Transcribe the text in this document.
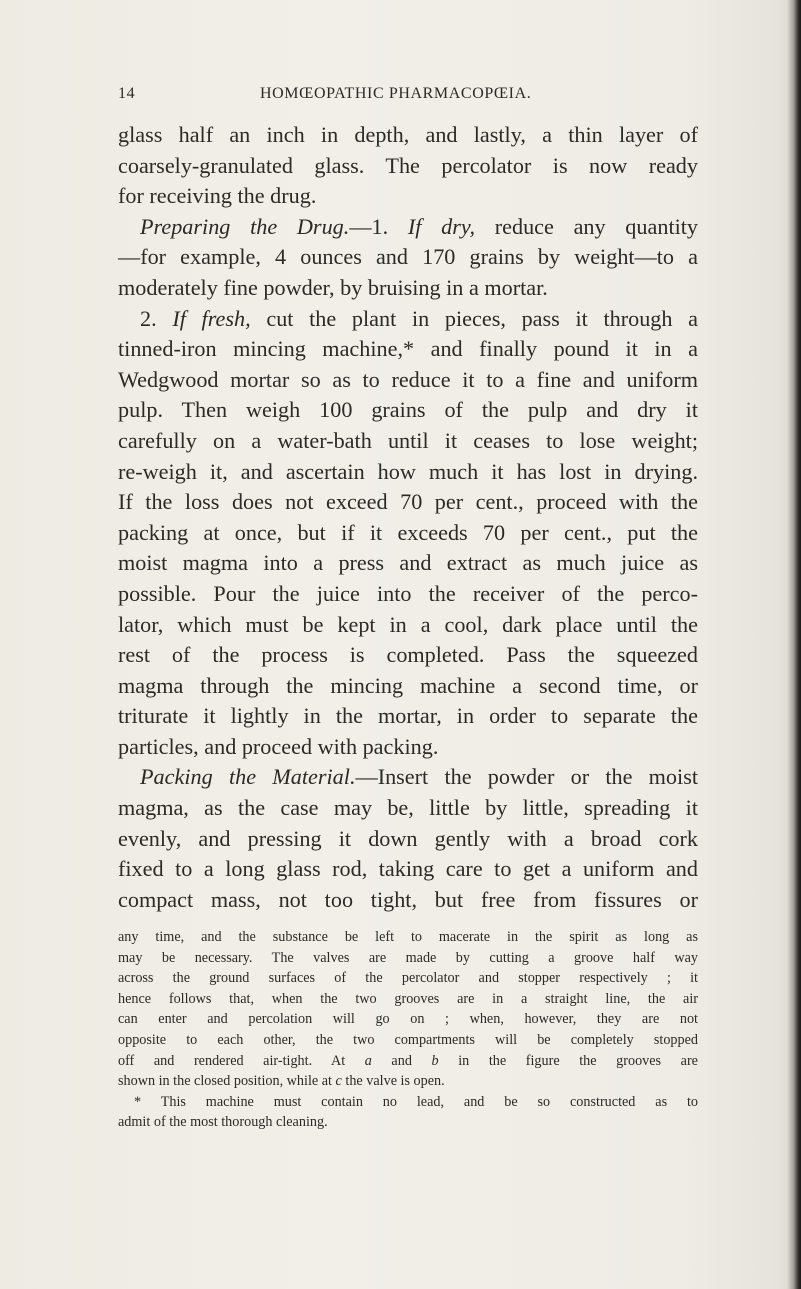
14	HOMŒOPATHIC PHARMACOPŒIA.
glass half an inch in depth, and lastly, a thin layer of
coarsely-granulated glass. The percolator is now ready
for receiving the drug.
Preparing the Drug.—1. If dry, reduce any quantity
—for example, 4 ounces and 170 grains by weight—to a
moderately fine powder, by bruising in a mortar.
2. If fresh, cut the plant in pieces, pass it through a
tinned-iron mincing machine,* and finally pound it in a
Wedgwood mortar so as to reduce it to a fine and uniform
pulp. Then weigh 100 grains of the pulp and dry it
carefully on a water-bath until it ceases to lose weight;
re-weigh it, and ascertain how much it has lost in drying.
If the loss does not exceed 70 per cent., proceed with the
packing at once, but if it exceeds 70 per cent., put the
moist magma into a press and extract as much juice as
possible. Pour the juice into the receiver of the perco-
lator, which must be kept in a cool, dark place until the
rest of the process is completed. Pass the squeezed
magma through the mincing machine a second time, or
triturate it lightly in the mortar, in order to separate the
particles, and proceed with packing.
Packing the Material.—Insert the powder or the moist
magma, as the case may be, little by little, spreading it
evenly, and pressing it down gently with a broad cork
fixed to a long glass rod, taking care to get a uniform and
compact mass, not too tight, but free from fissures or
any time, and the substance be left to macerate in the spirit as long as
may be necessary. The valves are made by cutting a groove half way
across the ground surfaces of the percolator and stopper respectively ; it
hence follows that, when the two grooves are in a straight line, the air
can enter and percolation will go on ; when, however, they are not
opposite to each other, the two compartments will be completely stopped
off and rendered air-tight. At a and b in the figure the grooves are
shown in the closed position, while at c the valve is open.
* This machine must contain no lead, and be so constructed as to
admit of the most thorough cleaning.
